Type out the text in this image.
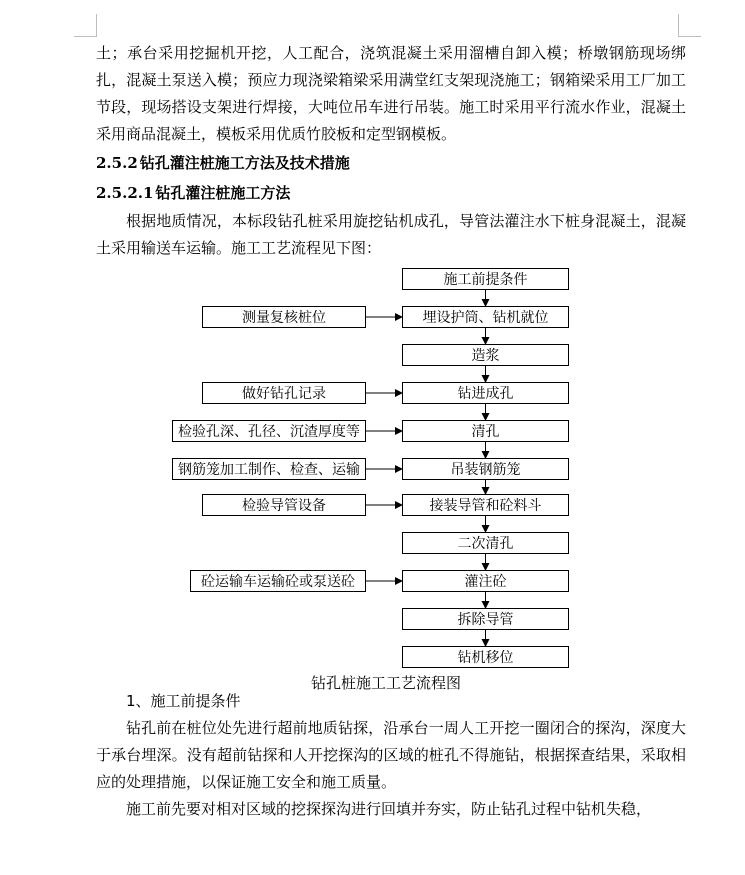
土；承台采用挖掘机开挖，人工配合，浇筑混凝土采用溜槽自卸入模；桥墩钢筋现场绑扎，混凝土泵送入模；预应力现浇梁箱梁采用满堂红支架现浇施工；钢箱梁采用工厂加工节段，现场搭设支架进行焊接，大吨位吊车进行吊装。施工时采用平行流水作业，混凝土采用商品混凝土，模板采用优质竹胶板和定型钢模板。

2.5.2 钻孔灌注桩施工方法及技术措施

2.5.2.1 钻孔灌注桩施工方法

根据地质情况，本标段钻孔桩采用旋挖钻机成孔，导管法灌注水下桩身混凝土，混凝土采用输送车运输。施工工艺流程见下图：

施工前提条件
埋设护筒、钻机就位
造浆
钻进成孔
清孔
吊装钢筋笼
接装导管和砼料斗
二次清孔
灌注砼
拆除导管
钻机移位
测量复核桩位
做好钻孔记录
检验孔深、孔径、沉渣厚度等
钢筋笼加工制作、检查、运输
检验导管设备
砼运输车运输砼或泵送砼
钻孔桩施工工艺流程图

1、施工前提条件

钻孔前在桩位处先进行超前地质钻探，沿承台一周人工开挖一圈闭合的探沟，深度大于承台埋深。没有超前钻探和人开挖探沟的区域的桩孔不得施钻，根据探查结果，采取相应的处理措施，以保证施工安全和施工质量。

施工前先要对相对区域的挖探探沟进行回填并夯实，防止钻孔过程中钻机失稳，
